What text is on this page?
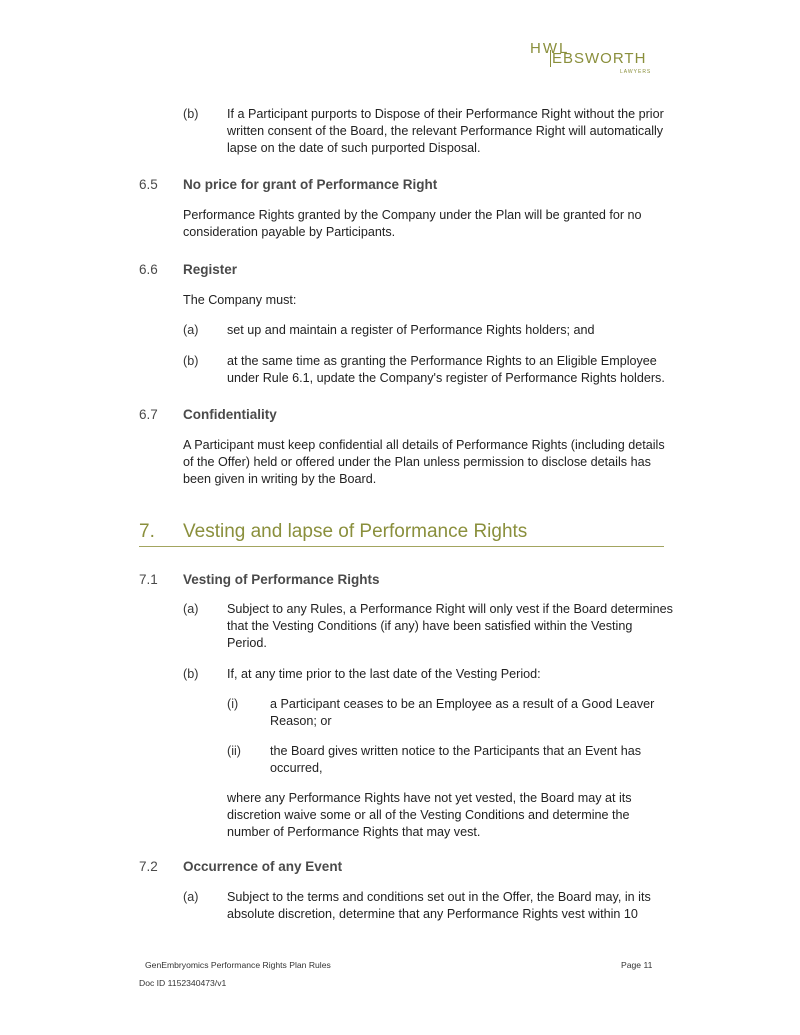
HWL
EBSWORTH
LAWYERS
(b) If a Participant purports to Dispose of their Performance Right without the prior
written consent of the Board, the relevant Performance Right will automatically
lapse on the date of such purported Disposal.
6.5 No price for grant of Performance Right
Performance Rights granted by the Company under the Plan will be granted for no
consideration payable by Participants.
6.6 Register
The Company must:
(a) set up and maintain a register of Performance Rights holders; and
(b) at the same time as granting the Performance Rights to an Eligible Employee
under Rule 6.1, update the Company's register of Performance Rights holders.
6.7 Confidentiality
A Participant must keep confidential all details of Performance Rights (including details
of the Offer) held or offered under the Plan unless permission to disclose details has
been given in writing by the Board.
7. Vesting and lapse of Performance Rights
7.1 Vesting of Performance Rights
(a) Subject to any Rules, a Performance Right will only vest if the Board determines
that the Vesting Conditions (if any) have been satisfied within the Vesting
Period.
(b) If, at any time prior to the last date of the Vesting Period:
(i)	a Participant ceases to be an Employee as a result of a Good Leaver
Reason; or
(ii) the Board gives written notice to the Participants that an Event has
occurred,
where any Performance Rights have not yet vested, the Board may at its
discretion waive some or all of the Vesting Conditions and determine the
number of Performance Rights that may vest.
7.2 Occurrence of any Event
(a) Subject to the terms and conditions set out in the Offer, the Board may, in its
absolute discretion, determine that any Performance Rights vest within 10
GenEmbryomics Performance Rights Plan Rules	Page 11
Doc ID 1152340473/v1
